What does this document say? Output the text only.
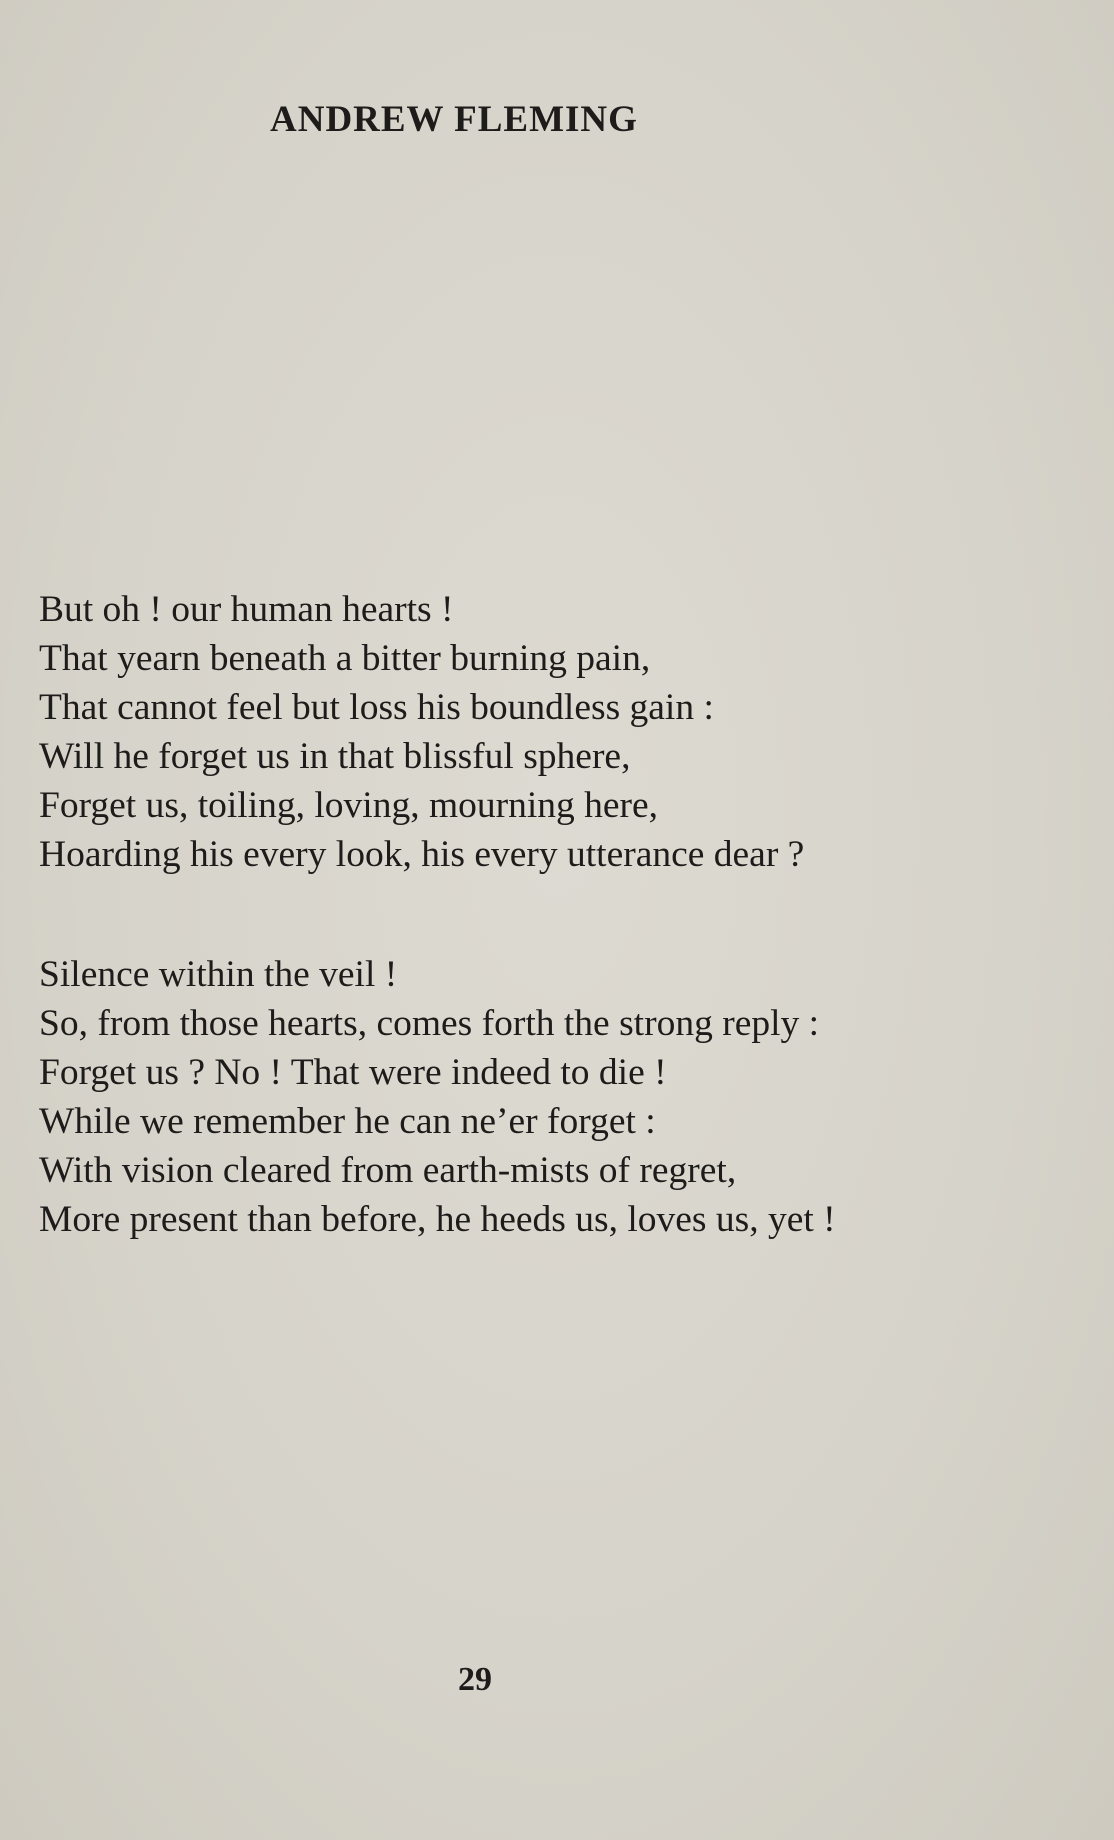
ANDREW FLEMING
But oh ! our human hearts !
That yearn beneath a bitter burning pain,
That cannot feel but loss his boundless gain :
Will he forget us in that blissful sphere,
Forget us, toiling, loving, mourning here,
Hoarding his every look, his every utterance dear ?
Silence within the veil !
So, from those hearts, comes forth the strong reply :
Forget us ? No ! That were indeed to die !
While we remember he can ne’er forget :
With vision cleared from earth-mists of regret,
More present than before, he heeds us, loves us, yet !
29
